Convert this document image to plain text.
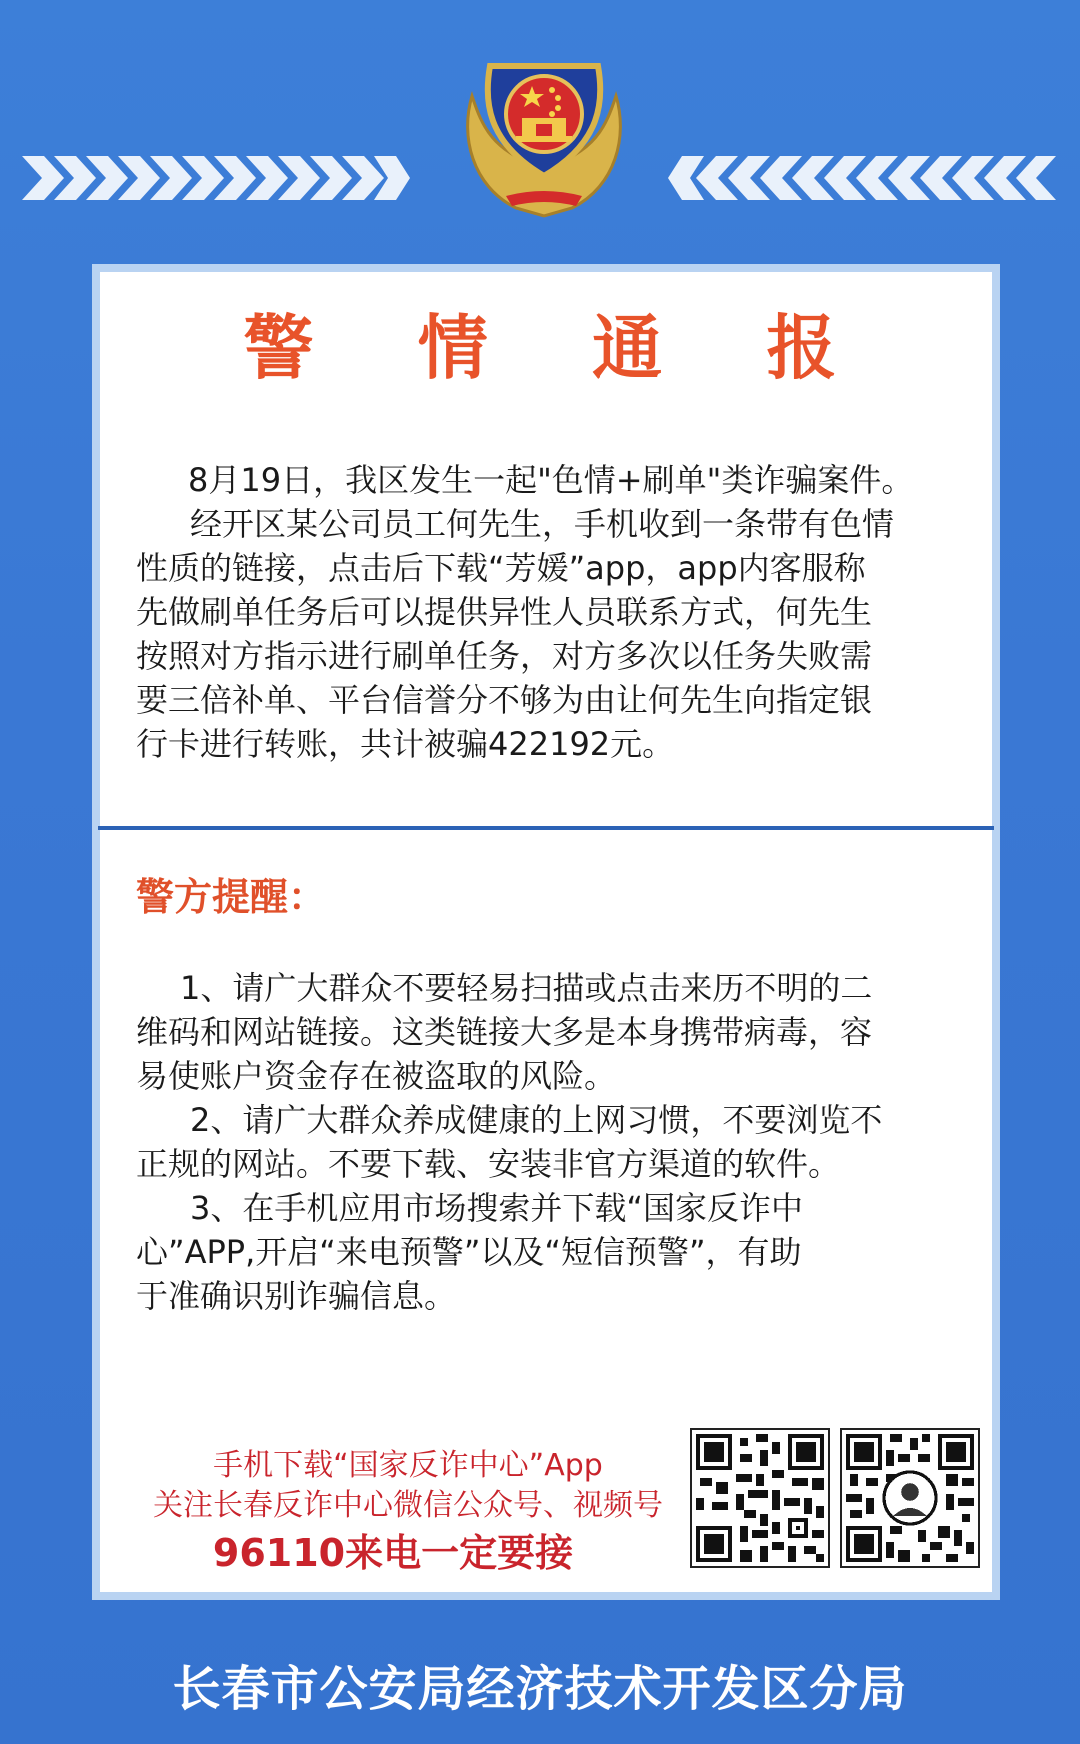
警 情 通 报
8月19日，我区发生一起"色情+刷单"类诈骗案件。
经开区某公司员工何先生，手机收到一条带有色情
性质的链接，点击后下载“芳媛”app，app内客服称
先做刷单任务后可以提供异性人员联系方式，何先生
按照对方指示进行刷单任务，对方多次以任务失败需
要三倍补单、平台信誉分不够为由让何先生向指定银
行卡进行转账，共计被骗422192元。
警方提醒：
1、请广大群众不要轻易扫描或点击来历不明的二
维码和网站链接。这类链接大多是本身携带病毒，容
易使账户资金存在被盗取的风险。
2、请广大群众养成健康的上网习惯，不要浏览不
正规的网站。不要下载、安装非官方渠道的软件。
3、在手机应用市场搜索并下载“国家反诈中
心”APP,开启“来电预警”以及“短信预警”，有助
于准确识别诈骗信息。
手机下载“国家反诈中心”App
关注长春反诈中心微信公众号、视频号
96110来电一定要接
长春市公安局经济技术开发区分局
